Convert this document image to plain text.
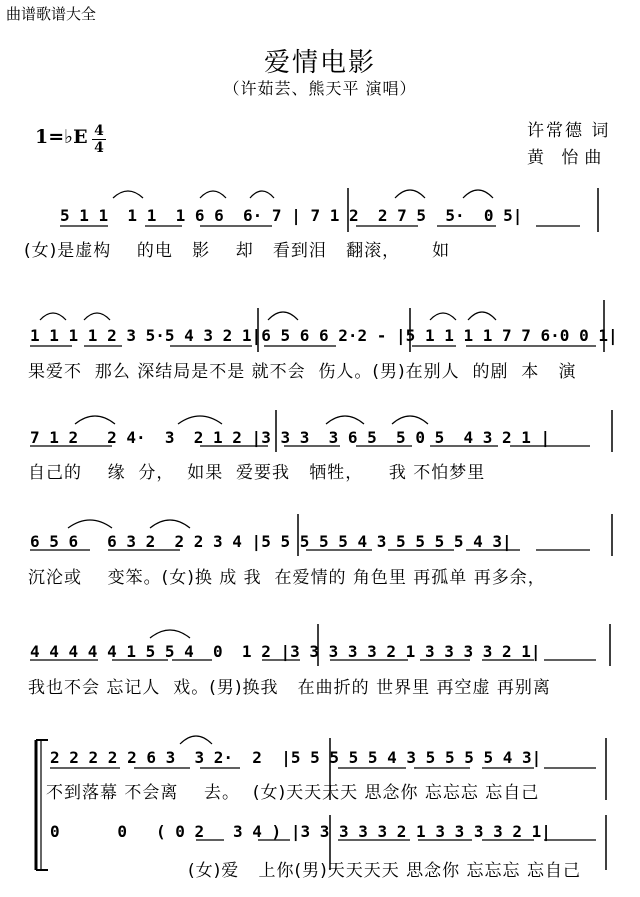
曲谱歌谱大全
爱情电影
（许茹芸、熊天平 演唱）
1=♭E 4
4
许常德 词
黄 怡曲
5 1 1  1 1  1 6 6  6· 7 | 7 1 2  2 7 5  5·  0 5|
(女)是虚构    的电   影    却   看到泪   翻滚，     如
1 1 1 1 2 3 5·5 4 3 2 1|6 5 6 6 2·2 - |5 1 1 1 1 7 7 6·0 0 1|
果爱不  那么 深结局是不是 就不会  伤人。(男)在别人  的剧  本   演
7 1 2   2 4·  3  2 1 2 |3 3 3  3 6 5  5 0 5  4 3 2 1 |
自己的    缘  分，  如果  爱要我   牺牲，    我 不怕梦里
6 5 6   6 3 2  2 2 3 4 |5 5 5 5 5 4 3 5 5 5 5 4 3|
沉沦或    变笨。(女)换 成 我  在爱情的 角色里 再孤单 再多余，
4 4 4 4 4 1 5 5 4  0  1 2 |3 3 3 3 3 2 1 3 3 3 3 2 1|
我也不会 忘记人  戏。(男)换我   在曲折的 世界里 再空虚 再别离
2 2 2 2 2 6 3  3 2·  2  |5 5 5 5 5 4 3 5 5 5 5 4 3|
不到落幕 不会离    去。  (女)天天天天 思念你 忘忘忘 忘自己
0      0   ( 0 2   3 4 ) |3 3 3 3 3 2 1 3 3 3 3 2 1|
(女)爱   上你(男)天天天天 思念你 忘忘忘 忘自己
